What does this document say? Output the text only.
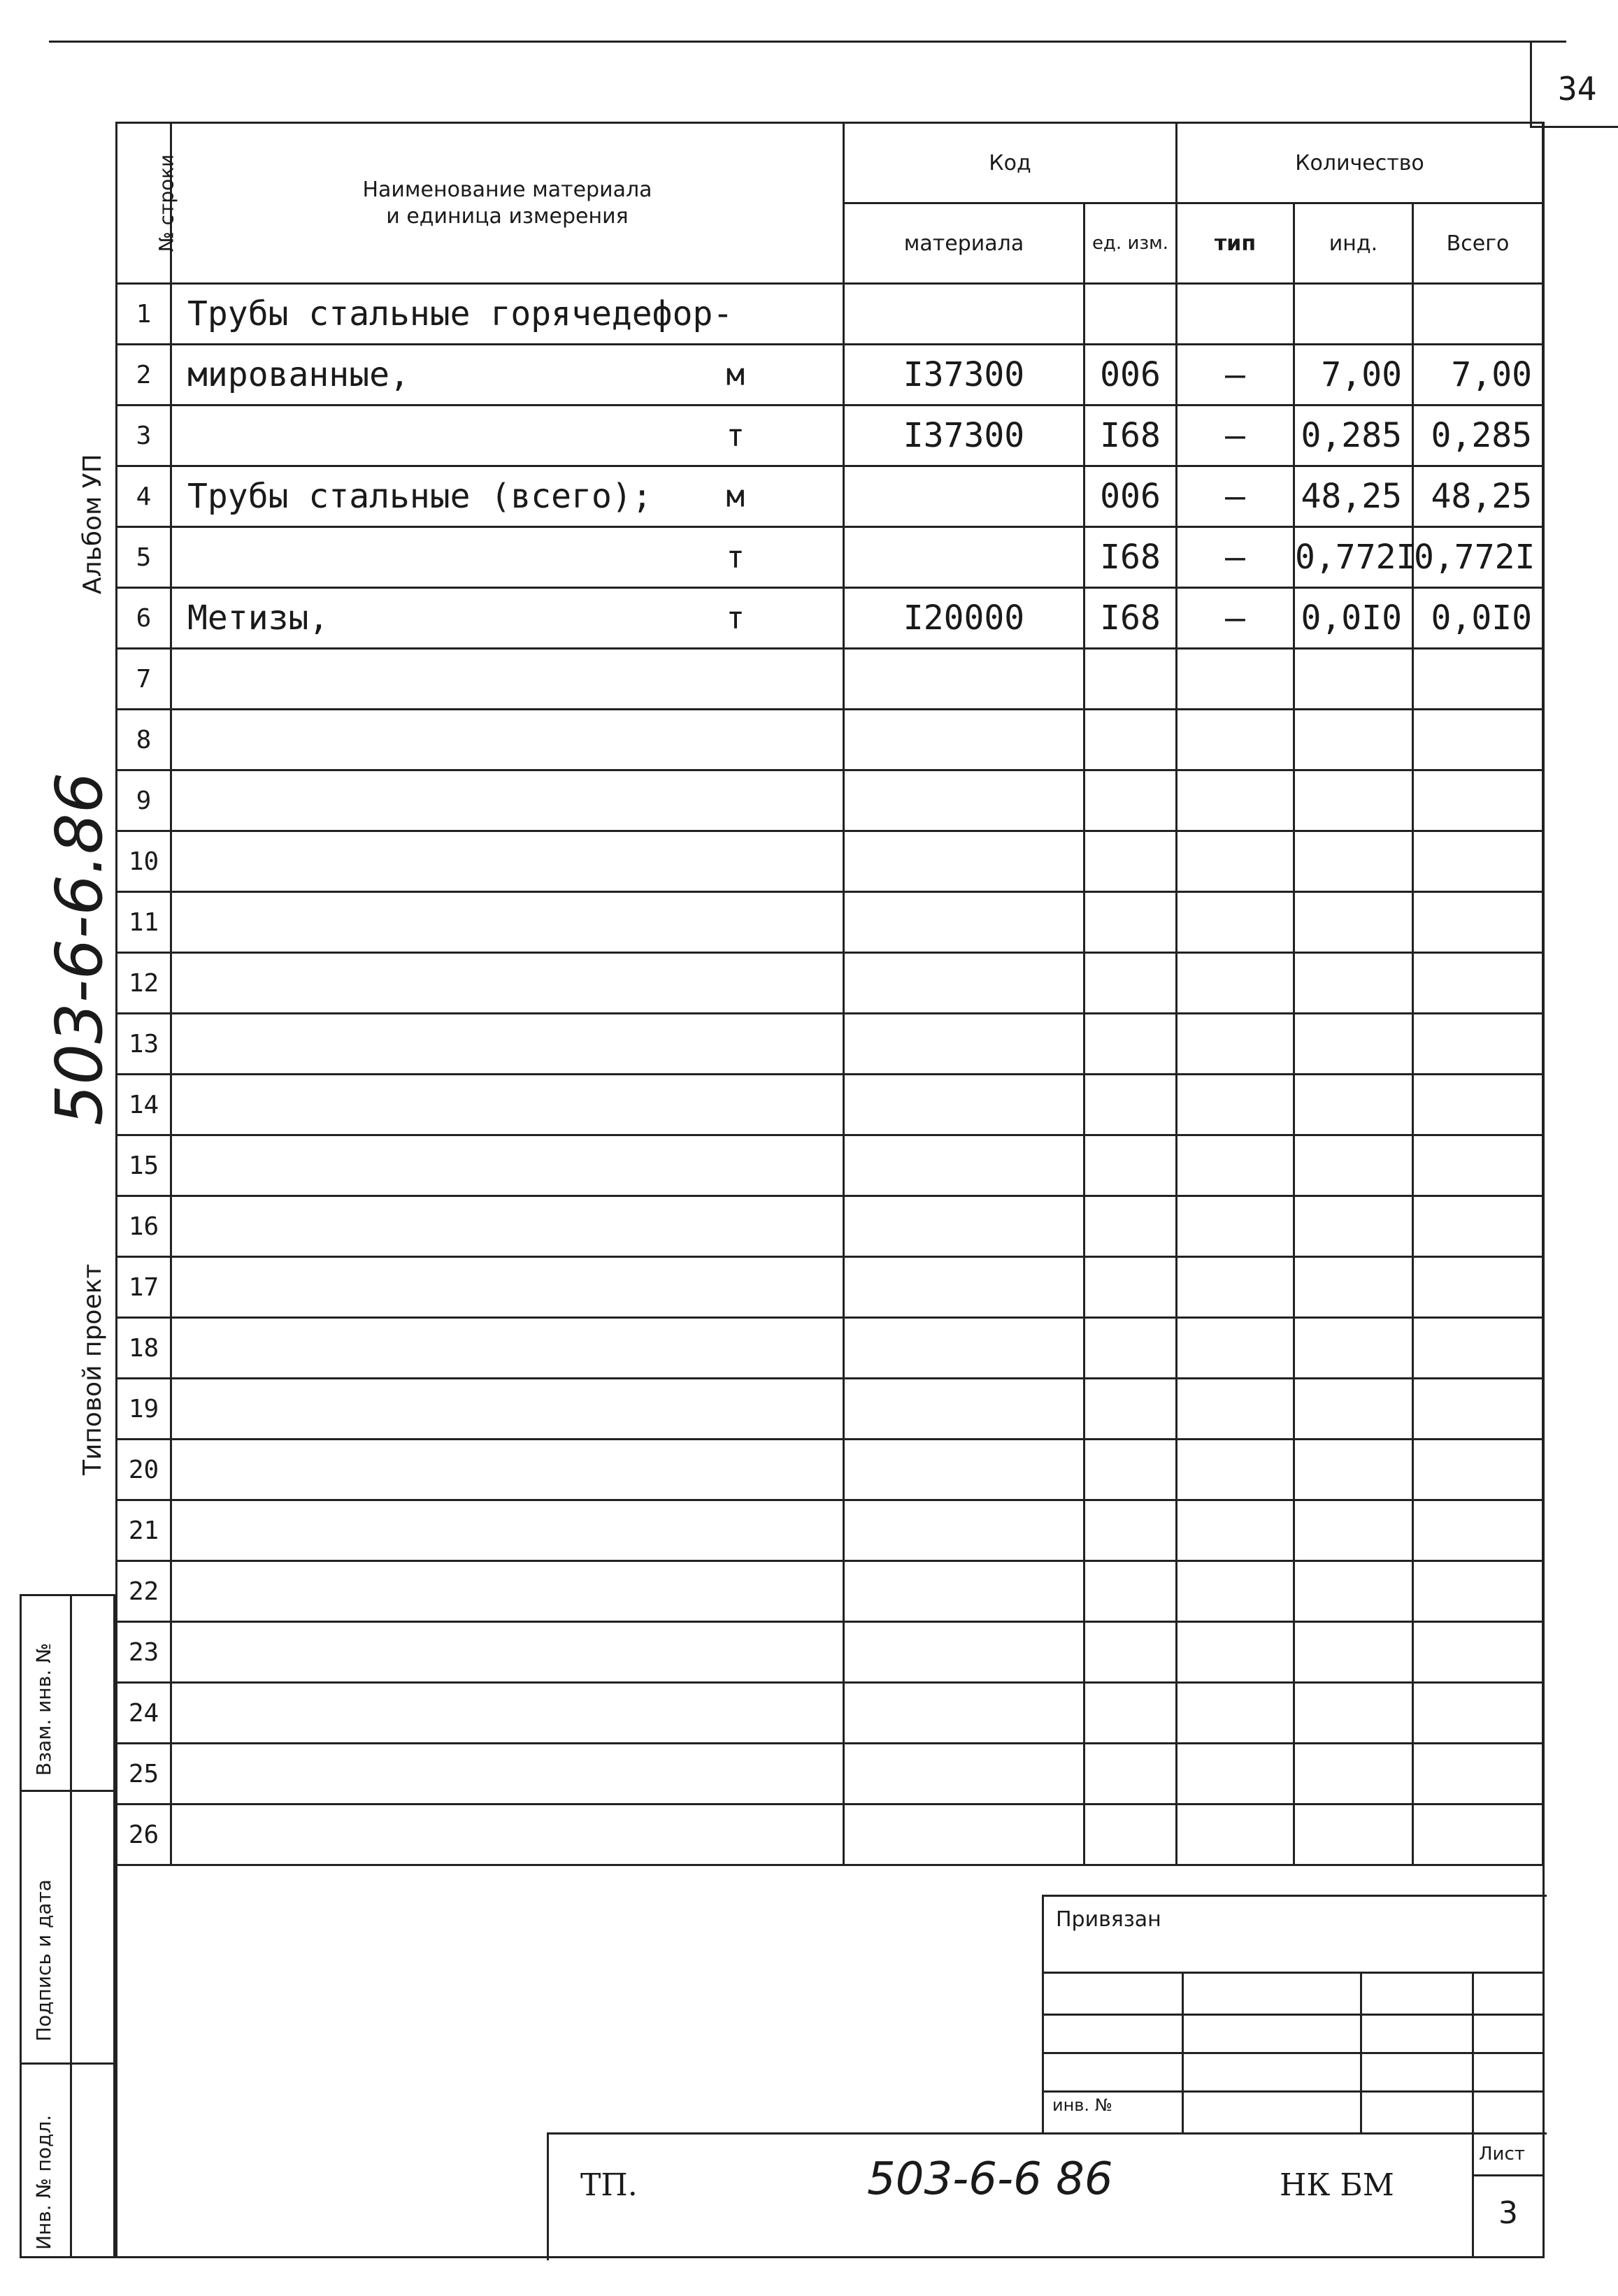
34
№ строки	Наименование материала
и единица измерения	Код		Количество		
		материала	ед. изм.	тип	инд.	Всего
1	Трубы стальные горячедефор-

2	мированные, м	I37300	006	–	7,00	7,00
3	т	I37300	I68	–	0,285	0,285
4	Трубы стальные (всего); м		006	–	48,25	48,25
5	т		I68	–	0,772I	0,772I
6	Метизы, т	I20000	I68	–	0,0I0	0,0I0
7	

8	

9	

10	

11	

12	

13	

14	

15	

16	

17	

18	

19	

20	

21	

22	

23	

24	

25	

26	

Альбом УП
503-6-6.86
Типовой проект
Инв. № подл.
Подпись и дата
Взам. инв. №
Привязан
инв. №
ТП.	503-6-6 86	НК БМ
Лист
3
